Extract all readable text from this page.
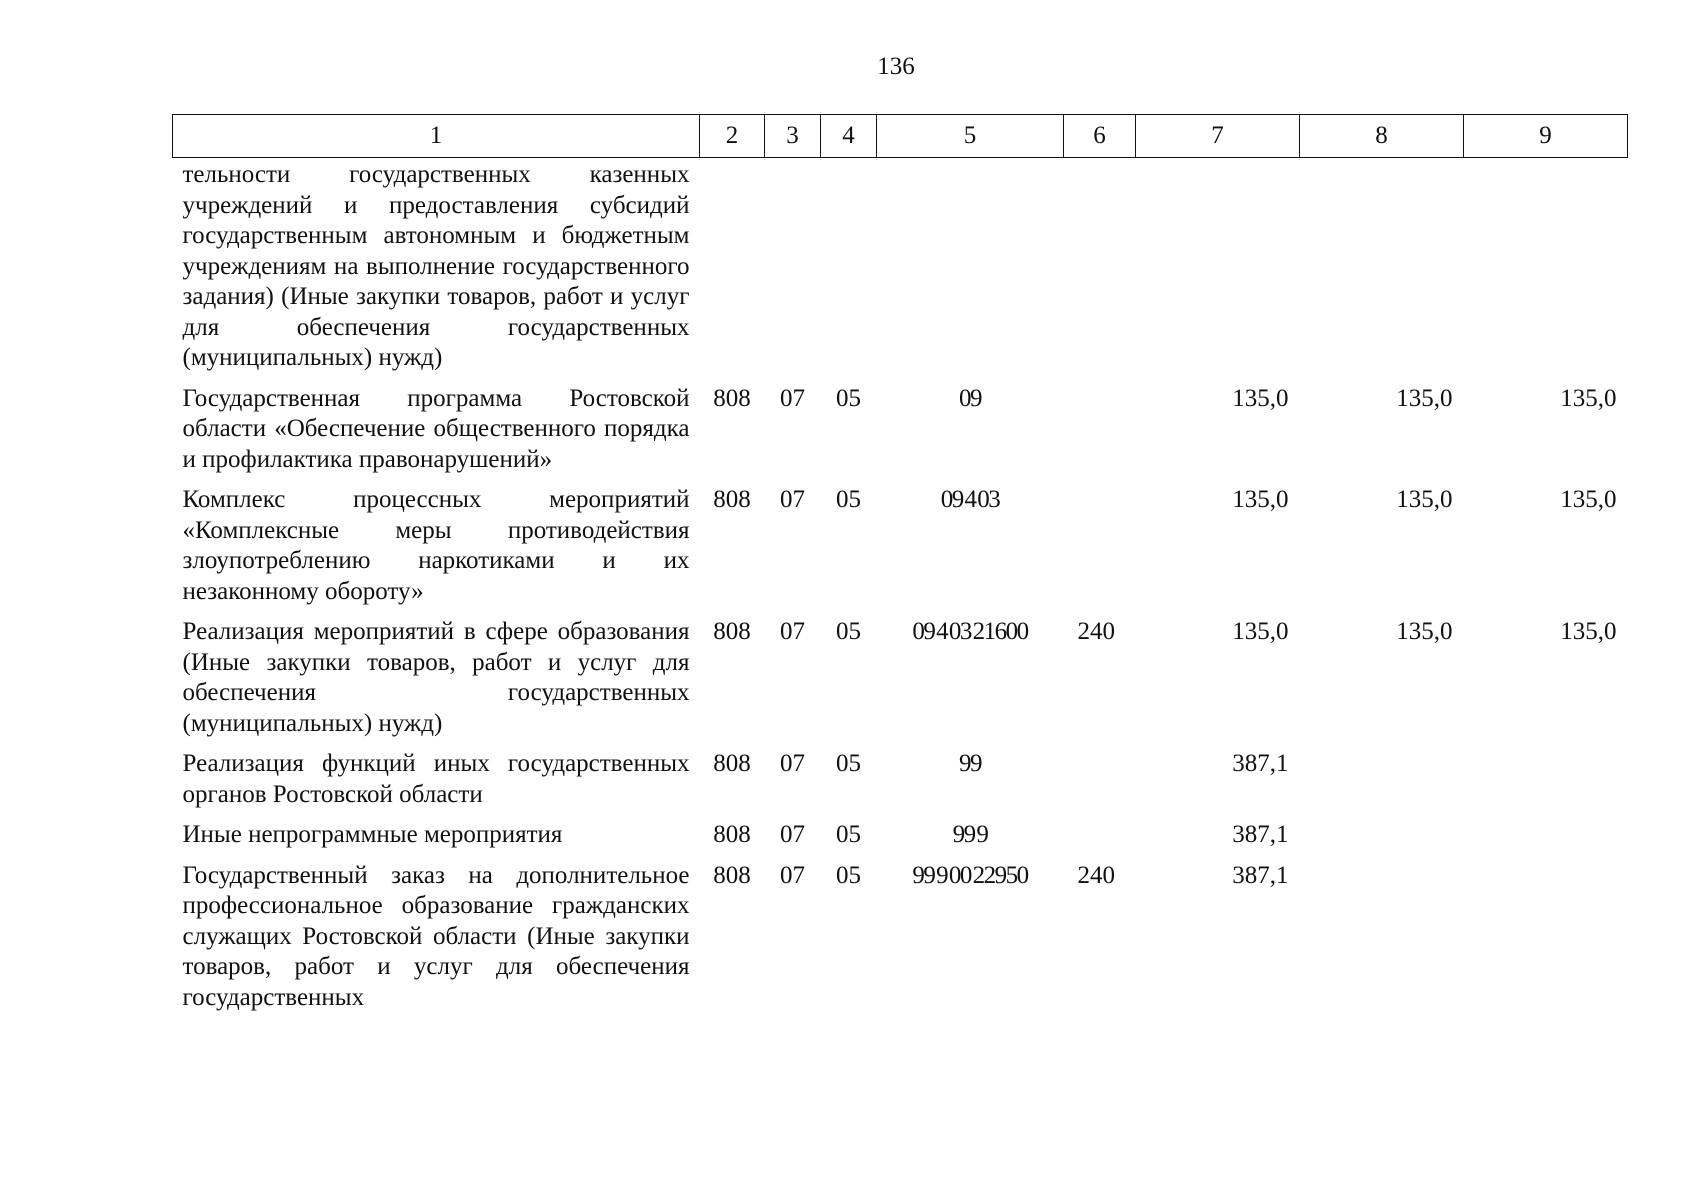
136
1	2	3	4	5	6	7	8	9
тельности государственных казенных учреждений и предоставления субсидий государственным автономным и бюджетным учреждениям на выполнение государственного задания) (Иные закупки товаров, работ и услуг для обеспечения государственных (муниципальных) нужд)								
Государственная программа Ростовской области «Обеспечение общественного порядка и профилактика правонарушений»	808	07	05	09		135,0	135,0	135,0
Комплекс процессных мероприятий «Комплексные меры противодействия злоупотреблению наркотиками и их незаконному обороту»	808	07	05	09 4 03		135,0	135,0	135,0
Реализация мероприятий в сфере образования (Иные закупки товаров, работ и услуг для обеспечения государственных (муниципальных) нужд)	808	07	05	09 4 03 21600	240	135,0	135,0	135,0
Реализация функций иных государственных органов Ростовской области	808	07	05	99		387,1		
Иные непрограммные мероприятия	808	07	05	99 9		387,1		
Государственный заказ на дополнительное профессиональное образование гражданских служащих Ростовской области (Иные закупки товаров, работ и услуг для обеспечения государственных	808	07	05	99 9 00 22950	240	387,1		
